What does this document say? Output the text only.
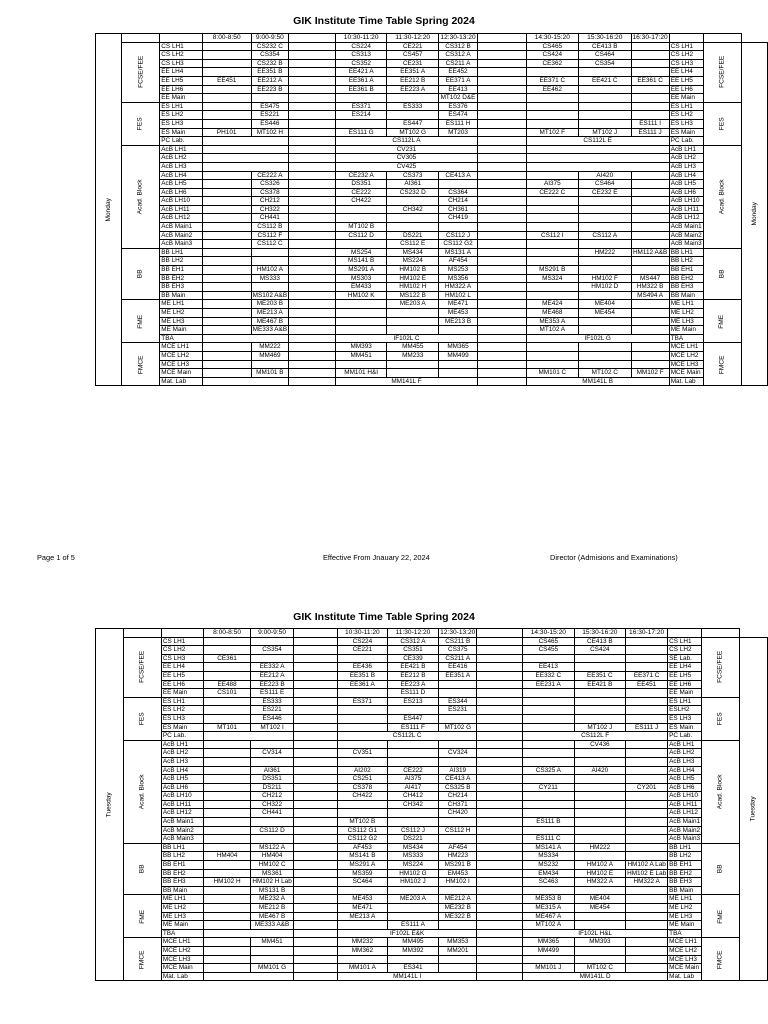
GIK Institute Time Table Spring 2024
Monday			8:00-8:50	9:00-9:50		10:30-11:20	11:30-12:20	12:30-13:20		14:30-15:20	15:30-16:20	16:30-17:20			
	FCSE/FEE	CS LH1		CS232 C		CS224	CE221	CS312 B		CS465	CE413 B		CS LH1	FCSE/FEE	Monday
		CS LH2		CS354		CS313	CS457	CS312 A		CS424	CS464		CS LH2		
		CS LH3		CS232 B		CS352	CE231	CS211 A		CE362	CS354		CS LH3		
		EE LH4		EE351 B		EE421 A	EE351 A	EE452					EE LH4		
		EE LH5	EE451	EE212 A		EE361 A	EE212 B	EE371 A		EE371 C	EE421 C	EE361 C	EE LH5		
		EE LH6		EE223 B		EE361 B	EE223 A	EE413		EE462			EE LH6		
		EE Main						MT102 D&E					EE Main		
	FES	ES LH1		ES475		ES371	ES333	ES376					ES LH1	FES	
		ES LH2		ES221		ES214		ES474					ES LH2		
		ES LH3		ES446			ES447	ES111 H				ES111 I	ES LH3		
		ES Main	PH101	MT102 H		ES111 G	MT102 G	MT203		MT102 F	MT102 J	ES111 J	ES Main		
		PC Lab.				CS112L A				CS112L E			PC Lab.		
	Acad. Block	AcB LH1				CV231							AcB LH1	Acad. Block	
		AcB LH2				CV305							AcB LH2		
		AcB LH3				CV425							AcB LH3		
		AcB LH4		CE222 A		CE232 A	CS373	CE413 A			AI420		AcB LH4		
		AcB LH5		CS326		DS351	AI361			AI375	CS464		AcB LH5		
		AcB LH6		CS378		CE222	CS232 D	CS364		CE222 C	CE232 E		AcB LH6		
		AcB LH10		CH212		CH422		CH214					AcB LH10		
		AcB LH11		CH322			CH342	CH361					AcB LH11		
		AcB LH12		CH441				CH419					AcB LH12		
		AcB Main1		CS112 B		MT102 B							AcB Main1		
		AcB Main2		CS112 F		CS112 D	DS221	CS112 J		CS112 I	CS112 A		AcB Main2		
		AcB Main3		CS112 C			CS112 E	CS112 G2					AcB Main3		
	BB	BB LH1				MS254	MS434	MS131 A			HM222	HM112 A&B	BB LH1	BB	
		BB LH2				MS141 B	MS224	AF454					BB LH2		
		BB EH1		HM102 A		MS291 A	HM102 B	MS253		MS291 B			BB EH1		
		BB EH2		MS333		MS303	HM102 E	MS356		MS324	HM102 F	MS447	BB EH2		
		BB EH3				EM433	HM102 H	HM322 A			HM102 D	HM322 B	BB EH3		
		BB Main		MS102 A&B		HM102 K	MS122 B	HM102 L				MS494 A	BB Main		
	FME	ME LH1		ME203 B			ME203 A	ME471		ME424	ME404		ME LH1	FME	
		ME LH2		ME213 A				ME453		ME468	ME454		ME LH2		
		ME LH3		ME467 B				ME213 B		ME353 A			ME LH3		
		ME Main		ME333 A&B						MT102 A			ME Main		
		TBA				IF102L C				IF102L G			TBA		
	FMCE	MCE LH1		MM222		MM393	MM455	MM365					MCE LH1	FMCE	
		MCE LH2		MM469		MM451	MM233	MM499					MCE LH2		
		MCE LH3											MCE LH3		
		MCE Main		MM101 B		MM101 H&I				MM101 C	MT102 C	MM102 F	MCE Main		
		Mat. Lab				MM141L F				MM141L B			Mat. Lab		
Page 1 of 5	Effective From Jnauary 22, 2024	Director (Admisions and Examinations)
GIK Institute Time Table Spring 2024
Tuesday			8:00-8:50	9:00-9:50		10:30-11:20	11:30-12:20	12:30-13:20		14:30-15:20	15:30-16:20	16:30-17:20			
	FCSE/FEE	CS LH1				CS224	CS312 A	CS211 B		CS465	CE413 B		CS LH1	FCSE/FEE	Tuesday
		CS LH2		CS354		CE221	CS351	CS375		CS455	CS424		CS LH2		
		CS LH3	CE361				CE339	CS211 A					SE Lab.		
		EE LH4		EE332 A		EE436	EE421 B	EE416		EE413			EE LH4		
		EE LH5		EE212 A		EE351 B	EE212 B	EE351 A		EE332 C	EE351 C	EE371 C	EE LH5		
		EE LH6	EE488	EE223 B		EE361 A	EE223 A			EE231 A	EE421 B	EE451	EE LH6		
		EE Main	CS101	ES111 E			ES111 D						EE Main		
	FES	ES LH1		ES333		ES371	ES213	ES344					ES LH1	FES	
		ES LH2		ES221				ES231					ESLH2		
		ES LH3		ES446			ES447						ES LH3		
		ES Main	MT101	MT102 I			ES111 F	MT102 G			MT102 J	ES111 J	ES Main		
		PC Lab.				CS112L C				CS112L F			PC Lab.		
	Acad. Block	AcB LH1									CV436		AcB LH1	Acad. Block	
		AcB LH2		CV314		CV351		CV324					AcB LH2		
		AcB LH3											AcB LH3		
		AcB LH4		AI361		AI202	CE222	AI319		CS325 A	AI420		AcB LH4		
		AcB LH5		DS351		CS251	AI375	CE413 A					AcB LH5		
		AcB LH6		DS211		CS378	AI417	CS325 B		CY211		CY201	AcB LH6		
		AcB LH10		CH212		CH422	CH412	CH214					AcB LH10		
		AcB LH11		CH322			CH342	CH371					AcB LH11		
		AcB LH12		CH441				CH420					AcB LH12		
		AcB Main1				MT102 B				ES111 B			AcB Main1		
		AcB Main2		CS112 D		CS112 G1	CS112 J	CS112 H					AcB Main2		
		AcB Main3				CS112 G2	DS221			ES111 C			AcB Main3		
	BB	BB LH1		MS122 A		AF453	MS434	AF454		MS141 A	HM222		BB LH1	BB	
		BB LH2	HM404	HM404		MS141 B	MS333	HM223		MS334			BB LH2		
		BB EH1		HM102 C		MS291 A	MS224	MS291 B		MS232	HM102 A	HM102 A Lab	BB EH1		
		BB EH2		MS361		MS359	HM102 G	EM453		EM434	HM102 E	HM102 E Lab	BB EH2		
		BB EH3	HM102 H	HM102 H Lab		SC464	HM102 J	HM102 I		SC463	HM322 A	HM322 A	BB EH3		
		BB Main		MS131 B									BB Main		
	FME	ME LH1		ME232 A		ME453	ME203 A	ME212 A		ME353 B	ME404		ME LH1	FME	
		ME LH2		ME212 B		ME471		ME232 B		ME315 A	ME454		ME LH2		
		ME LH3		ME467 B		ME213 A		ME322 B		ME467 A			ME LH3		
		ME Main		ME333 A&B			ES111 A			MT102 A			ME Main		
		TBA				IF102L E&K				IF102L H&L			TBA		
	FMCE	MCE LH1		MM451		MM232	MM495	MM353		MM365	MM393		MCE LH1	FMCE	
		MCE LH2				MM362	MM392	MM201		MM499			MCE LH2		
		MCE LH3											MCE LH3		
		MCE Main		MM101 G		MM101 A	ES341			MM101 J	MT102 C		MCE Main		
		Mat. Lab				MM141L I				MM141L D			Mat. Lab		
